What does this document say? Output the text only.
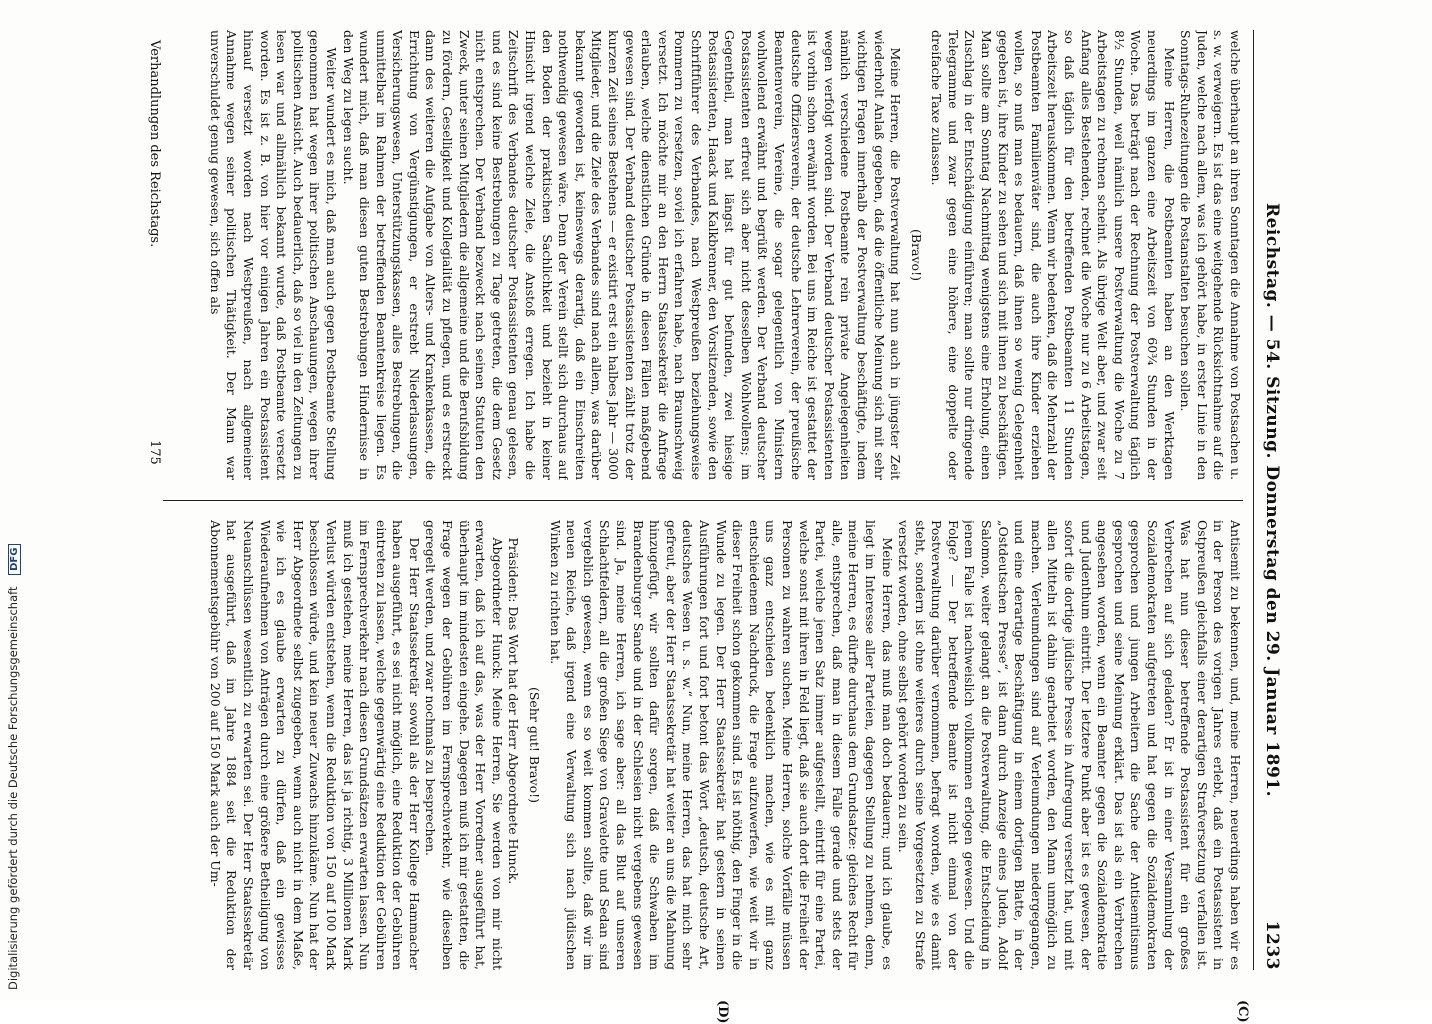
Reichstag. — 54. Sitzung. Donnerstag den 29. Januar 1891.
1233

welche überhaupt an ihren Sonntagen die Annahme von Postsachen u. s. w. verweigern. Es ist das eine weitgehende Rücksichtnahme auf die Juden, welche nach allem, was ich gehört habe, in erster Linie in den Sonntags-Ruhezeitungen die Postanstalten besuchen sollen.

Meine Herren, die Postbeamten haben an den Werktagen neuerdings im ganzen eine Arbeitszeit von 60¾ Stunden in der Woche. Das beträgt nach der Rechnung der Postverwaltung täglich 8½ Stunden, weil nämlich unsere Postverwaltung die Woche zu 7 Arbeitstagen zu rechnen scheint. Als übrige Welt aber, und zwar seit Anfang alles Bestehenden, rechnet die Woche nur zu 6 Arbeitstagen, so daß täglich für den betreffenden Postbeamten 11 Stunden Arbeitszeit herauskommen. Wenn wir bedenken, daß die Mehrzahl der Postbeamten Familienväter sind, die auch ihre Kinder erziehen wollen, so muß man es bedauern, daß ihnen so wenig Gelegenheit gegeben ist, ihre Kinder zu sehen und sich mit ihnen zu beschäftigen. Man sollte am Sonntag Nachmittag wenigstens eine Erholung, einen Zuschlag in der Entschädigung einführen; man sollte nur dringende Telegramme und zwar gegen eine höhere, eine doppelte oder dreifache Taxe zulassen.

(Bravo!)

Meine Herren, die Postverwaltung hat nun auch in jüngster Zeit wiederholt Anlaß gegeben, daß die öffentliche Meinung sich mit sehr wichtigen Fragen innerhalb der Postverwaltung beschäftigte, indem nämlich verschiedene Postbeamte rein private Angelegenheiten wegen verfolgt worden sind. Der Verband deutscher Postassistenten ist vorhin schon erwähnt worden. Bei uns im Reiche ist gestattet der deutsche Offiziersverein, der deutsche Lehrerverein, der preußische Beamtenverein, Vereine, die sogar gelegentlich von Ministern wohlwollend erwähnt und begrüßt werden. Der Verband deutscher Postassistenten erfreut sich aber nicht desselben Wohlwollens; im Gegentheil, man hat längst für gut befunden, zwei hiesige Postassistenten, Haack und Kalkbrenner, den Vorsitzenden, sowie den Schriftführer des Verbandes, nach Westpreußen beziehungsweise Pommern zu versetzen, soviel ich erfahren habe, nach Braunschweig versetzt. Ich möchte mir an den Herrn Staatssekretär die Anfrage erlauben, welche dienstlichen Gründe in diesen Fällen maßgebend gewesen sind. Der Verband deutscher Postassistenten zählt trotz der kurzen Zeit seines Bestehens — er existirt erst ein halbes Jahr — 3000 Mitglieder, und die Ziele des Verbandes sind nach allem, was darüber bekannt geworden ist, keineswegs derartig, daß ein Einschreiten nothwendig gewesen wäre. Denn der Verein stellt sich durchaus auf den Boden der praktischen Sachlichkeit und bezieht in keiner Hinsicht irgend welche Ziele, die Anstoß erregen. Ich habe die Zeitschrift des Verbandes deutscher Postassistenten genau gelesen, und es sind keine Bestrebungen zu Tage getreten, die dem Gesetz nicht entsprechen. Der Verband bezweckt nach seinen Statuten den Zweck, unter seinen Mitgliedern die allgemeine und die Berufsbildung zu fördern, Geselligkeit und Kollegialität zu pflegen, und es erstreckt dann des weiteren die Aufgabe von Alters- und Krankenkassen, die Errichtung von Vergünstigungen, er erstrebt Niederlassungen, Versicherungswesen, Unterstützungskassen, alles Bestrebungen, die unmittelbar im Rahmen der betreffenden Beamtenkreise liegen. Es wundert mich, daß man diesen guten Bestrebungen Hindernisse in den Weg zu legen sucht.

Weiter wundert es mich, daß man auch gegen Postbeamte Stellung genommen hat wegen ihrer politischen Anschauungen, wegen ihrer politischen Ansicht. Auch bedauerlich, daß so viel in den Zeitungen zu lesen war und allmählich bekannt wurde, daß Postbeamte versetzt worden. Es ist z. B. von hier vor einigen Jahren ein Postassistent hinauf versetzt worden nach Westpreußen, nach allgemeiner Annahme wegen seiner politischen Thätigkeit. Der Mann war unverschuldet genug gewesen, sich offen als

Antisemit zu bekennen, und, meine Herren, neuerdings haben wir es in der Person des vorigen Jahres erlebt, daß ein Postassistent in Ostpreußen gleichfalls einer derartigen Strafversetzung verfallen ist. Was hat nun dieser betreffende Postassistent für ein großes Verbrechen auf sich geladen? Er ist in einer Versammlung der Sozialdemokraten aufgetreten und hat gegen die Sozialdemokraten gesprochen und jungen Arbeitern die Sache der Antisemitismus gesprochen und seine Meinung erklärt. Das ist als ein Verbrechen angesehen worden, wenn ein Beamter gegen die Sozialdemokratie und Judenthum eintritt. Der letztere Punkt aber ist es gewesen, der sofort die dortige jüdische Presse in Aufregung versetzt hat, und mit allen Mitteln ist dahin gearbeitet worden, den Mann unmöglich zu machen. Verleumdungen sind auf Verleumdungen niedergegangen, und eine derartige Beschäftigung in einem dortigen Blatte, in der „Ostdeutschen Presse“, ist dann durch Anzeige eines Juden, Adolf Salomon, weiter gelangt an die Postverwaltung, die Entscheidung in jenem Falle ist nachweislich vollkommen erlogen gewesen. Und die Folge? — Der betreffende Beamte ist nicht einmal von der Postverwaltung darüber vernommen, befragt worden, wie es damit steht, sondern ist ohne weiteres durch seine Vorgesetzten zu Strafe versetzt worden, ohne selbst gehört worden zu sein.

Meine Herren, das muß man doch bedauern; und ich glaube, es liegt im Interesse aller Parteien, dagegen Stellung zu nehmen, denn, meine Herren, es dürfte durchaus dem Grundsatze: gleiches Recht für alle, entsprechen, daß man in diesem Falle gerade und stets der Partei, welche jenen Satz immer aufgestellt, eintritt für eine Partei, welche sonst mit ihren in Feld liegt, daß sie auch dort die Freiheit der Personen zu wahren suchen. Meine Herren, solche Vorfälle müssen uns ganz entschieden bedenklich machen, wie es mit ganz entschiedenem Nachdruck, die Frage aufzuwerfen, wie weit wir in dieser Freiheit schon gekommen sind. Es ist nöthig, den Finger in die Wunde zu legen. Der Herr Staatssekretär hat gestern in seinen Ausführungen fort und fort betont das Wort „deutsch, deutsche Art, deutsches Wesen u. s. w.“ Nun, meine Herren, das hat mich sehr gefreut, aber der Herr Staatssekretär hat weiter an uns die Mahnung hinzugefügt, wir sollten dafür sorgen, daß die Schwaben im Brandenburger Sande und in der Schlesien nicht vergebens gewesen sind. Ja, meine Herren, ich sage aber: all das Blut auf unseren Schlachtfeldern, all die großen Siege von Gravelotte und Sedan sind vergeblich gewesen, wenn es so weit kommen sollte, daß wir im neuen Reiche, daß irgend eine Verwaltung sich nach jüdischen Winken zu richten hat.

(Sehr gut! Bravo!)

Präsident: Das Wort hat der Herr Abgeordnete Hunck.

Abgeordneter Hunck: Meine Herren, Sie werden von mir nicht erwarten, daß ich auf das, was der Herr Vorredner ausgeführt hat, überhaupt im mindesten eingehe. Dagegen muß ich mir gestatten, die Frage wegen der Gebühren im Fernsprechverkehr, wie dieselben geregelt werden, und zwar nochmals zu besprechen.

Der Herr Staatssekretär sowohl als der Herr Kollege Hammacher haben ausgeführt, es sei nicht möglich, eine Reduktion der Gebühren eintreten zu lassen, welche gegenwärtig eine Reduktion der Gebühren im Fernsprechverkehr nach diesen Grundsätzen erwarten lassen. Nun muß ich gestehen, meine Herren, das ist ja richtig, 3 Millionen Mark Verlust würden entstehen, wenn die Reduktion von 150 auf 100 Mark beschlossen würde, und kein neuer Zuwachs hinzukäme. Nun hat der Herr Abgeordnete selbst zugegeben, wenn auch nicht in dem Maße, wie ich es glaube erwarten zu dürfen, daß ein gewisses Wiederaufnehmen von Anträgen durch eine größere Betheiligung von Neuanschlüssen wesentlich zu erwarten sei. Der Herr Staatssekretär hat ausgeführt, daß im Jahre 1884 seit die Reduktion der Abonnementsgebühr von 200 auf 150 Mark auch der Um-

(C)
(D)
Verhandlungen des Reichstags.
175
Digitalisierung gefördert durch die Deutsche Forschungsgemeinschaft DFG
